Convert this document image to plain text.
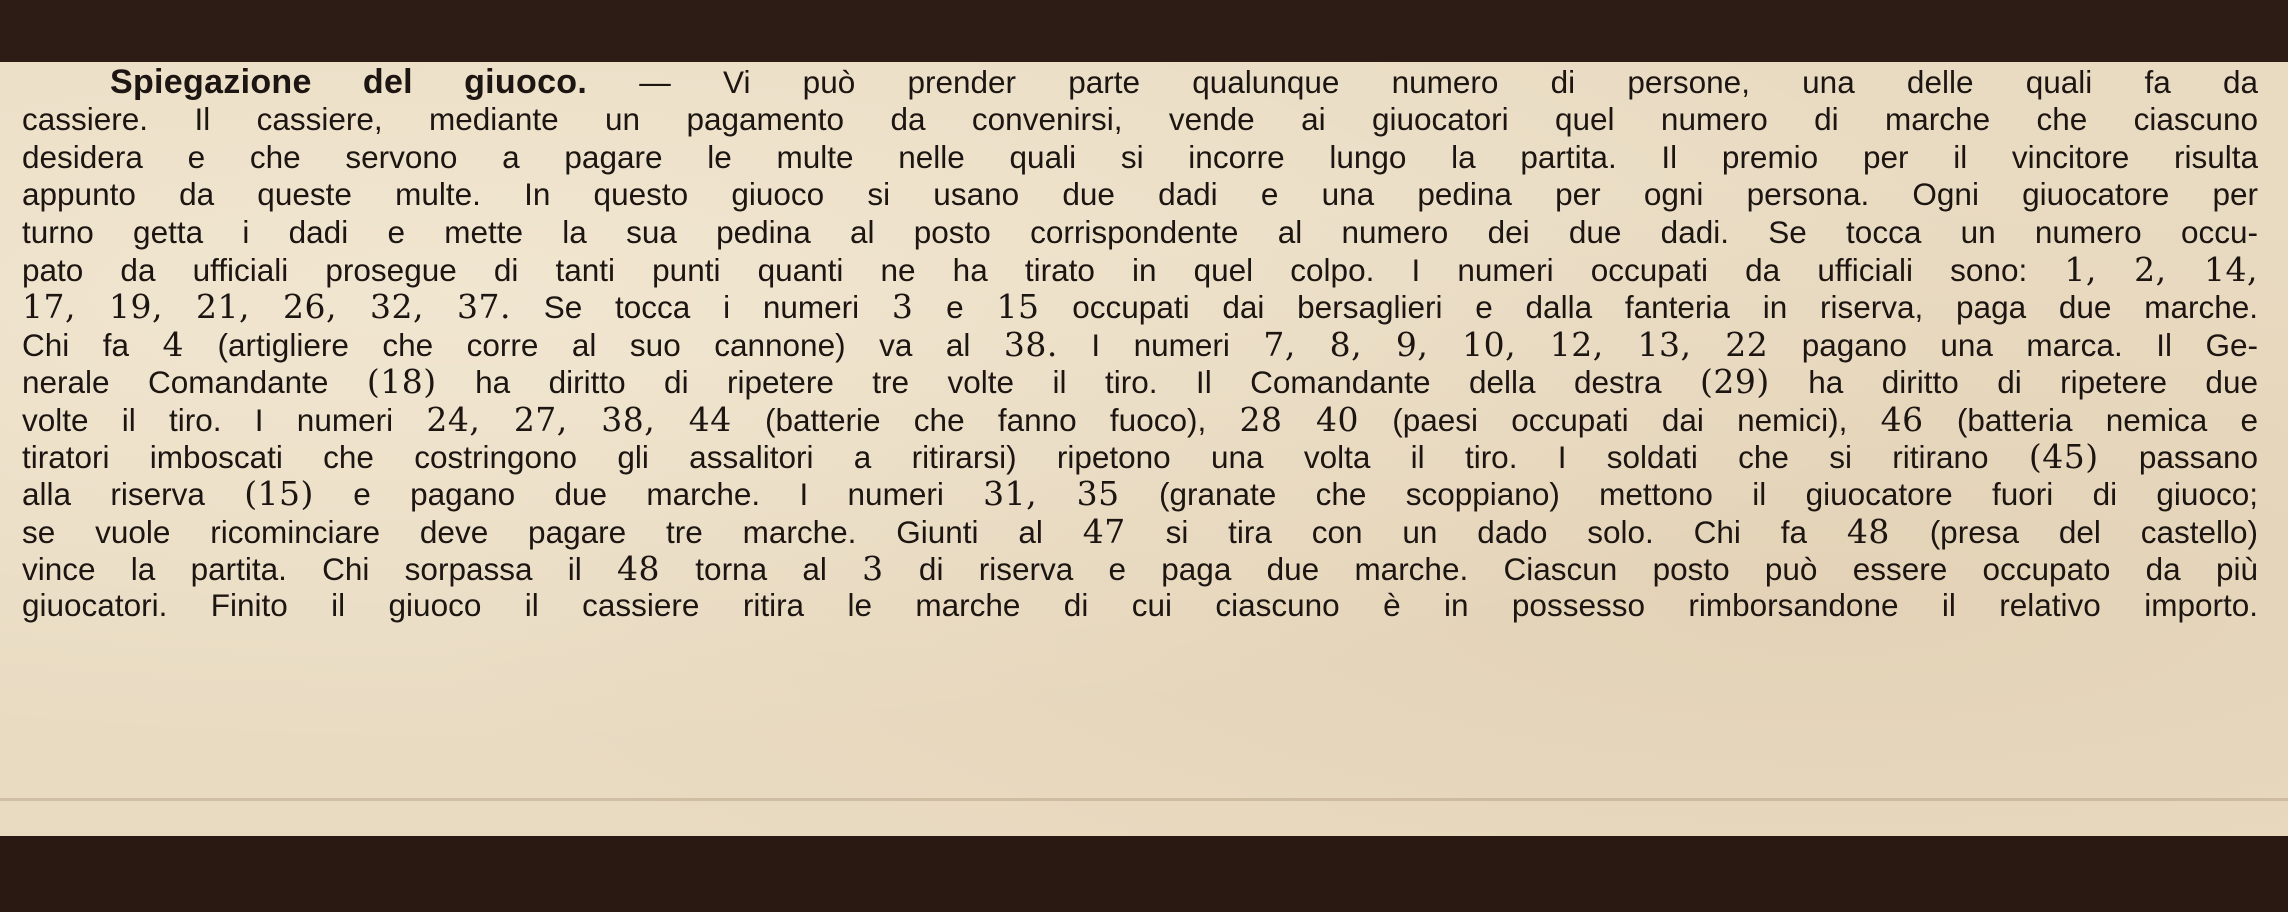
Spiegazione del giuoco. — Vi può prender parte qualunque numero di persone, una delle quali fa da
cassiere. Il cassiere, mediante un pagamento da convenirsi, vende ai giuocatori quel numero di marche che ciascuno
desidera e che servono a pagare le multe nelle quali si incorre lungo la partita. Il premio per il vincitore risulta
appunto da queste multe. In questo giuoco si usano due dadi e una pedina per ogni persona. Ogni giuocatore per
turno getta i dadi e mette la sua pedina al posto corrispondente al numero dei due dadi. Se tocca un numero occu-
pato da ufficiali prosegue di tanti punti quanti ne ha tirato in quel colpo. I numeri occupati da ufficiali sono: 1, 2, 14,
17, 19, 21, 26, 32, 37. Se tocca i numeri 3 e 15 occupati dai bersaglieri e dalla fanteria in riserva, paga due marche.
Chi fa 4 (artigliere che corre al suo cannone) va al 38. I numeri 7, 8, 9, 10, 12, 13, 22 pagano una marca. Il Ge-
nerale Comandante (18) ha diritto di ripetere tre volte il tiro. Il Comandante della destra (29) ha diritto di ripetere due
volte il tiro. I numeri 24, 27, 38, 44 (batterie che fanno fuoco), 28 40 (paesi occupati dai nemici), 46 (batteria nemica e
tiratori imboscati che costringono gli assalitori a ritirarsi) ripetono una volta il tiro. I soldati che si ritirano (45) passano
alla riserva (15) e pagano due marche. I numeri 31, 35 (granate che scoppiano) mettono il giuocatore fuori di giuoco;
se vuole ricominciare deve pagare tre marche. Giunti al 47 si tira con un dado solo. Chi fa 48 (presa del castello)
vince la partita. Chi sorpassa il 48 torna al 3 di riserva e paga due marche. Ciascun posto può essere occupato da più
giuocatori. Finito il giuoco il cassiere ritira le marche di cui ciascuno è in possesso rimborsandone il relativo importo.
